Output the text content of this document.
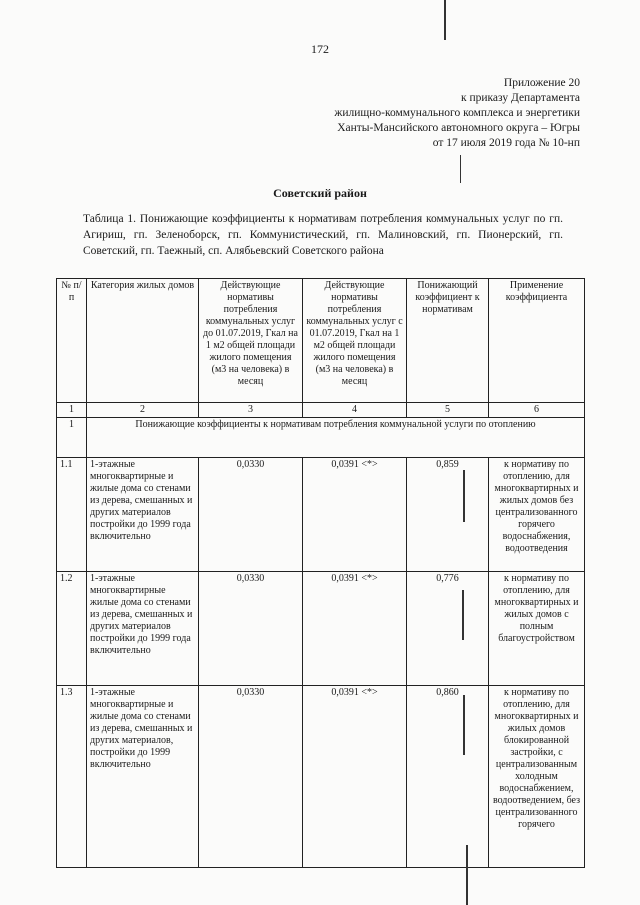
172
Приложение 20
к приказу Департамента
жилищно-коммунального комплекса и энергетики
Ханты-Мансийского автономного округа – Югры
от 17 июля 2019 года № 10-нп
Советский район
Таблица 1. Понижающие коэффициенты к нормативам потребления коммунальных услуг по гп. Агириш, гп. Зеленоборск, гп. Коммунистический, гп. Малиновский, гп. Пионерский, гп. Советский, гп. Таежный, сп. Алябьевский Советского района
№ п/п	Категория жилых домов	Действующие нормативы потребления коммунальных услуг до 01.07.2019, Гкал на 1 м2 общей площади жилого помещения (м3 на человека) в месяц	Действующие нормативы потребления коммунальных услуг с 01.07.2019, Гкал на 1 м2 общей площади жилого помещения (м3 на человека) в месяц	Понижающий коэффициент к нормативам	Применение коэффициента
1	2	3	4	5	6
1	Понижающие коэффициенты к нормативам потребления коммунальной услуги по отоплению				
1.1	1-этажные многоквартирные и жилые дома со стенами из дерева, смешанных и других материалов постройки до 1999 года включительно	0,0330	0,0391 <*>	0,859	к нормативу по отоплению, для многоквартирных и жилых домов без централизованного горячего водоснабжения, водоотведения
1.2	1-этажные многоквартирные жилые дома со стенами из дерева, смешанных и других материалов постройки до 1999 года включительно	0,0330	0,0391 <*>	0,776	к нормативу по отоплению, для многоквартирных и жилых домов с полным благоустройством
1.3	1-этажные многоквартирные и жилые дома со стенами из дерева, смешанных и других материалов, постройки до 1999 включительно	0,0330	0,0391 <*>	0,860	к нормативу по отоплению, для многоквартирных и жилых домов блокированной застройки, с централизованным холодным водоснабжением, водоотведением, без централизованного горячего
